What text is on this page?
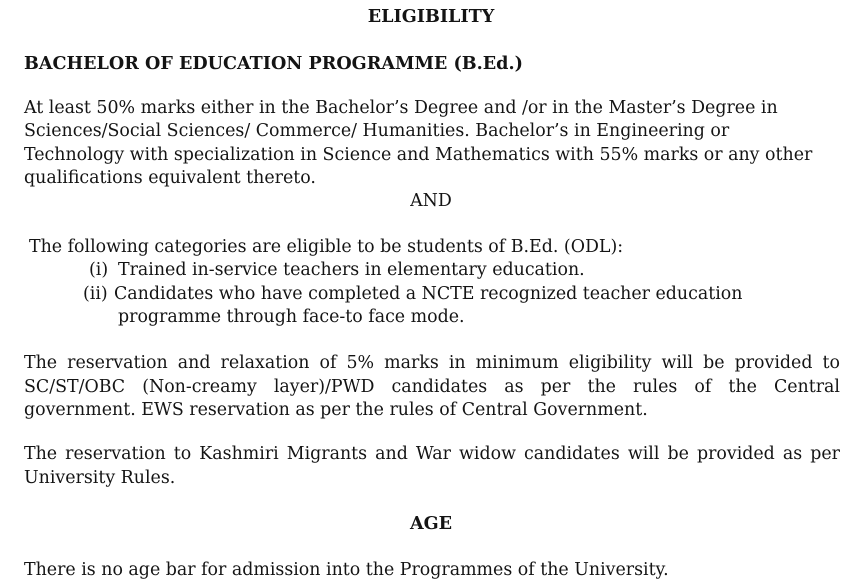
ELIGIBILITY

BACHELOR OF EDUCATION PROGRAMME (B.Ed.)

At least 50% marks either in the Bachelor’s Degree and /or in the Master’s Degree in

Sciences/Social Sciences/ Commerce/ Humanities. Bachelor’s in Engineering or

Technology with specialization in Science and Mathematics with 55% marks or any other

qualifications equivalent thereto.

AND

The following categories are eligible to be students of B.Ed. (ODL):

(i) Trained in-service teachers in elementary education.
(ii) Candidates who have completed a NCTE recognized teacher education
programme through face-to face mode.

The reservation and relaxation of 5% marks in minimum eligibility will be provided to SC/ST/OBC (Non-creamy layer)/PWD candidates as per the rules of the Central government. EWS reservation as per the rules of Central Government.

The reservation to Kashmiri Migrants and War widow candidates will be provided as per University Rules.

AGE

There is no age bar for admission into the Programmes of the University.
